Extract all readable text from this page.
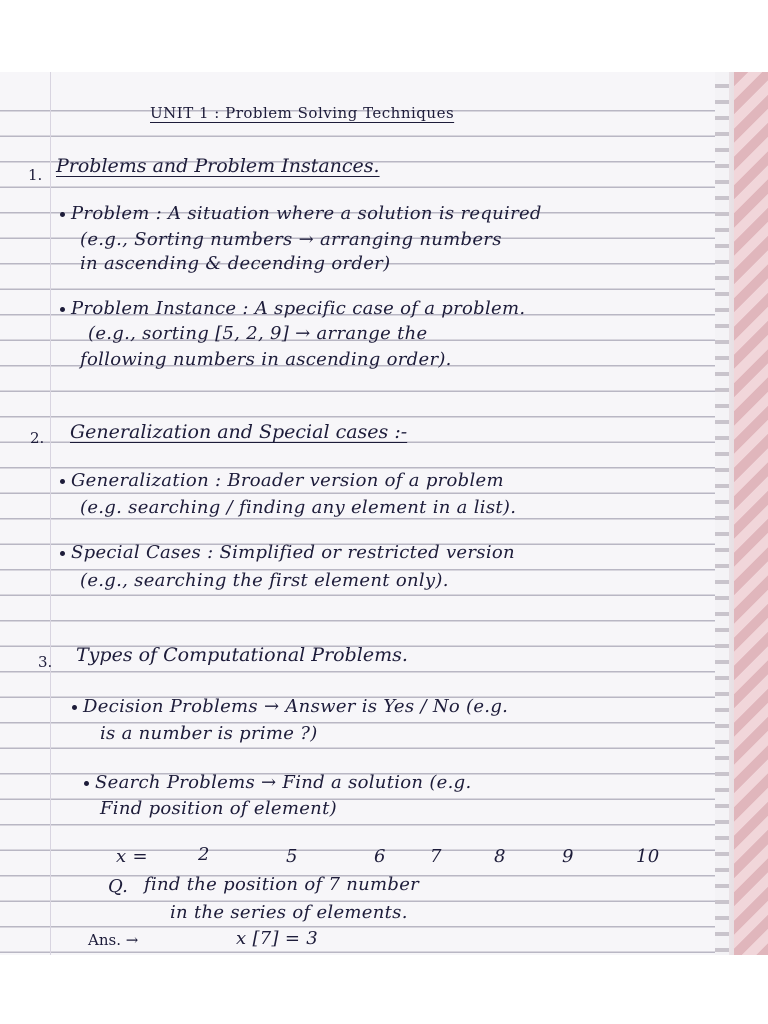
UNIT 1 : Problem Solving Techniques
1. Problems and Problem Instances.
Problem : A situation where a solution is required
(e.g., Sorting numbers → arranging numbers
in ascending & decending order)
Problem Instance : A specific case of a problem.
(e.g., sorting [5, 2, 9] → arrange the
following numbers in ascending order).
2. Generalization and Special cases :-
Generalization : Broader version of a problem
(e.g. searching / finding any element in a list).
Special Cases : Simplified or restricted version
(e.g., searching the first element only).
3. Types of Computational Problems.
Decision Problems → Answer is Yes / No (e.g.
is a number is prime ?)
Search Problems → Find a solution (e.g.
Find position of element)
x =	2	5	6 7	8	9	10
Q. find the position of 7 number
in the series of elements.
Ans. →	x [7] = 3
